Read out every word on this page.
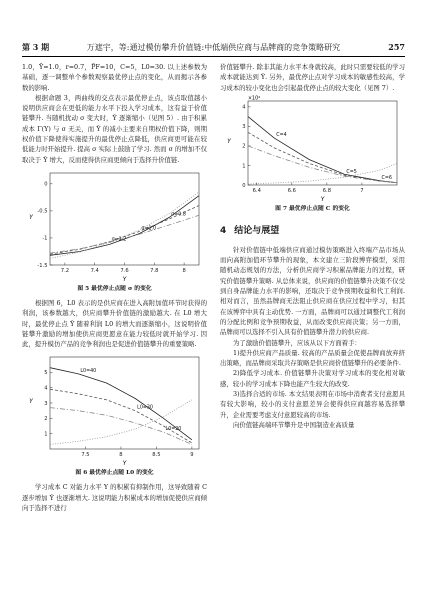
第 3 期	万遮宇，等:通过模仿攀升价值链:中低端供应商与品牌商的竞争策略研究	257

1.0，Ȳ=1.0，r=0.7，P̄F=10，C=5，L0=30. 以上述参数为基础，逐一调整单个参数观察最优停止点的变化，从而揭示各参数的影响.

根据命题 3，两曲线的交点表示最优停止点，该点取值越小说明供应商会在更低的能力水平下投入学习成本，这有益于价值链攀升. 当随机扰动 σ 变大时，Ŷ 逐渐缩小（见图 5）. 由于积累成本 Γ(Y) 与 σ 无关，而 Ŷ 的减小主要来自期权价值下降，则期权价值下降使得实施提升的最优停止点降低，供应商更可能在较低能力时开始提升. 提高 σ 实际上鼓励了学习. 然而 σ 的增加不仅取决于 Ŷ 增大，反而使得供应商更倾向于选择升价值链.

7.2	7.4	7.6	7.8	8
-1.5
-1
-0.5
0
Y
Y
σ=0.8
σ=1.0
σ=1.2
图 5 最优停止点随 σ 的变化

根据图 6，L0 表示的是供应商在进入高附加值环节时获得的利润，该参数越大，供应商攀升价值链的激励越大. 在 L0 增大时，最优停止点 Ŷ 随着利润 L0 的增大而逐渐缩小，这说明价值链攀升激励的增加使供应商更愿意在能力较低时就开始学习. 因此，提升模仿产品的竞争利润也是促进价值链攀升的重要策略.

7.5	8	8.5	9
1
2
3
4
5
Y
Y
L0=40
L0=30
L0=20
图 6 最优停止点随 L0 的变化

学习成本 C 对能力水平 Y 的积累有抑制作用，这导致随着 C 逐步增加 Ŷ 也逐渐增大. 这说明能力积累成本的增加促使供应商倾向于选择不进行

价值链攀升. 除非其能力水平本身就较高，此时只需要较低的学习成本就能达到 Ŷ. 另外，最优停止点对学习成本的敏感性较高，学习成本的较小变化也会引起最优停止点的较大变化（见图 7）.

6.4	6.6	6.8	7
0
1
2
3
4
Y
Y
×10⁴
C=4
C=5
C=6
图 7 最优停止点随 C 的变化
4 结论与展望

针对价值链中低端供应商通过模仿策略进入终端产品市场从而向高附加值环节攀升的现象，本文建立三阶段博弈模型，采用随机动态规划的方法，分析供应商学习积累品牌能力的过程，研究价值链攀升策略. 从总体来说，供应商的价值链攀升决策不仅受到自身品牌能力水平的影响，还取决于竞争预期收益和代工利润. 相对而言，虽然品牌商无法阻止供应商在供应过程中学习，但其在该博弈中具有主动优势. 一方面，品牌商可以通过调整代工利润的分配比例和竞争预期收益，从而改变供应商决策；另一方面，品牌商可以选择不引入具有价值链攀升潜力的供应商.

为了激励价值链攀升，应该从以下方面着手：

1)提升供应商产品质量. 较高的产品质量会促使品牌商放弃挤出策略，而品牌商采取共存策略是供应商价值链攀升的必要条件.

2)降低学习成本. 价值链攀升决策对学习成本的变化相对敏感，较小的学习成本下降也能产生较大的改变.

3)选择合适的市场. 本文结果表明在市场中消费者支付意愿具有较大影响，较小的支付意愿差异会使得供应商越容易选择攀升，企业需要考虑支付意愿较高的市场.

向价值链高端环节攀升是中国制造业高质量
